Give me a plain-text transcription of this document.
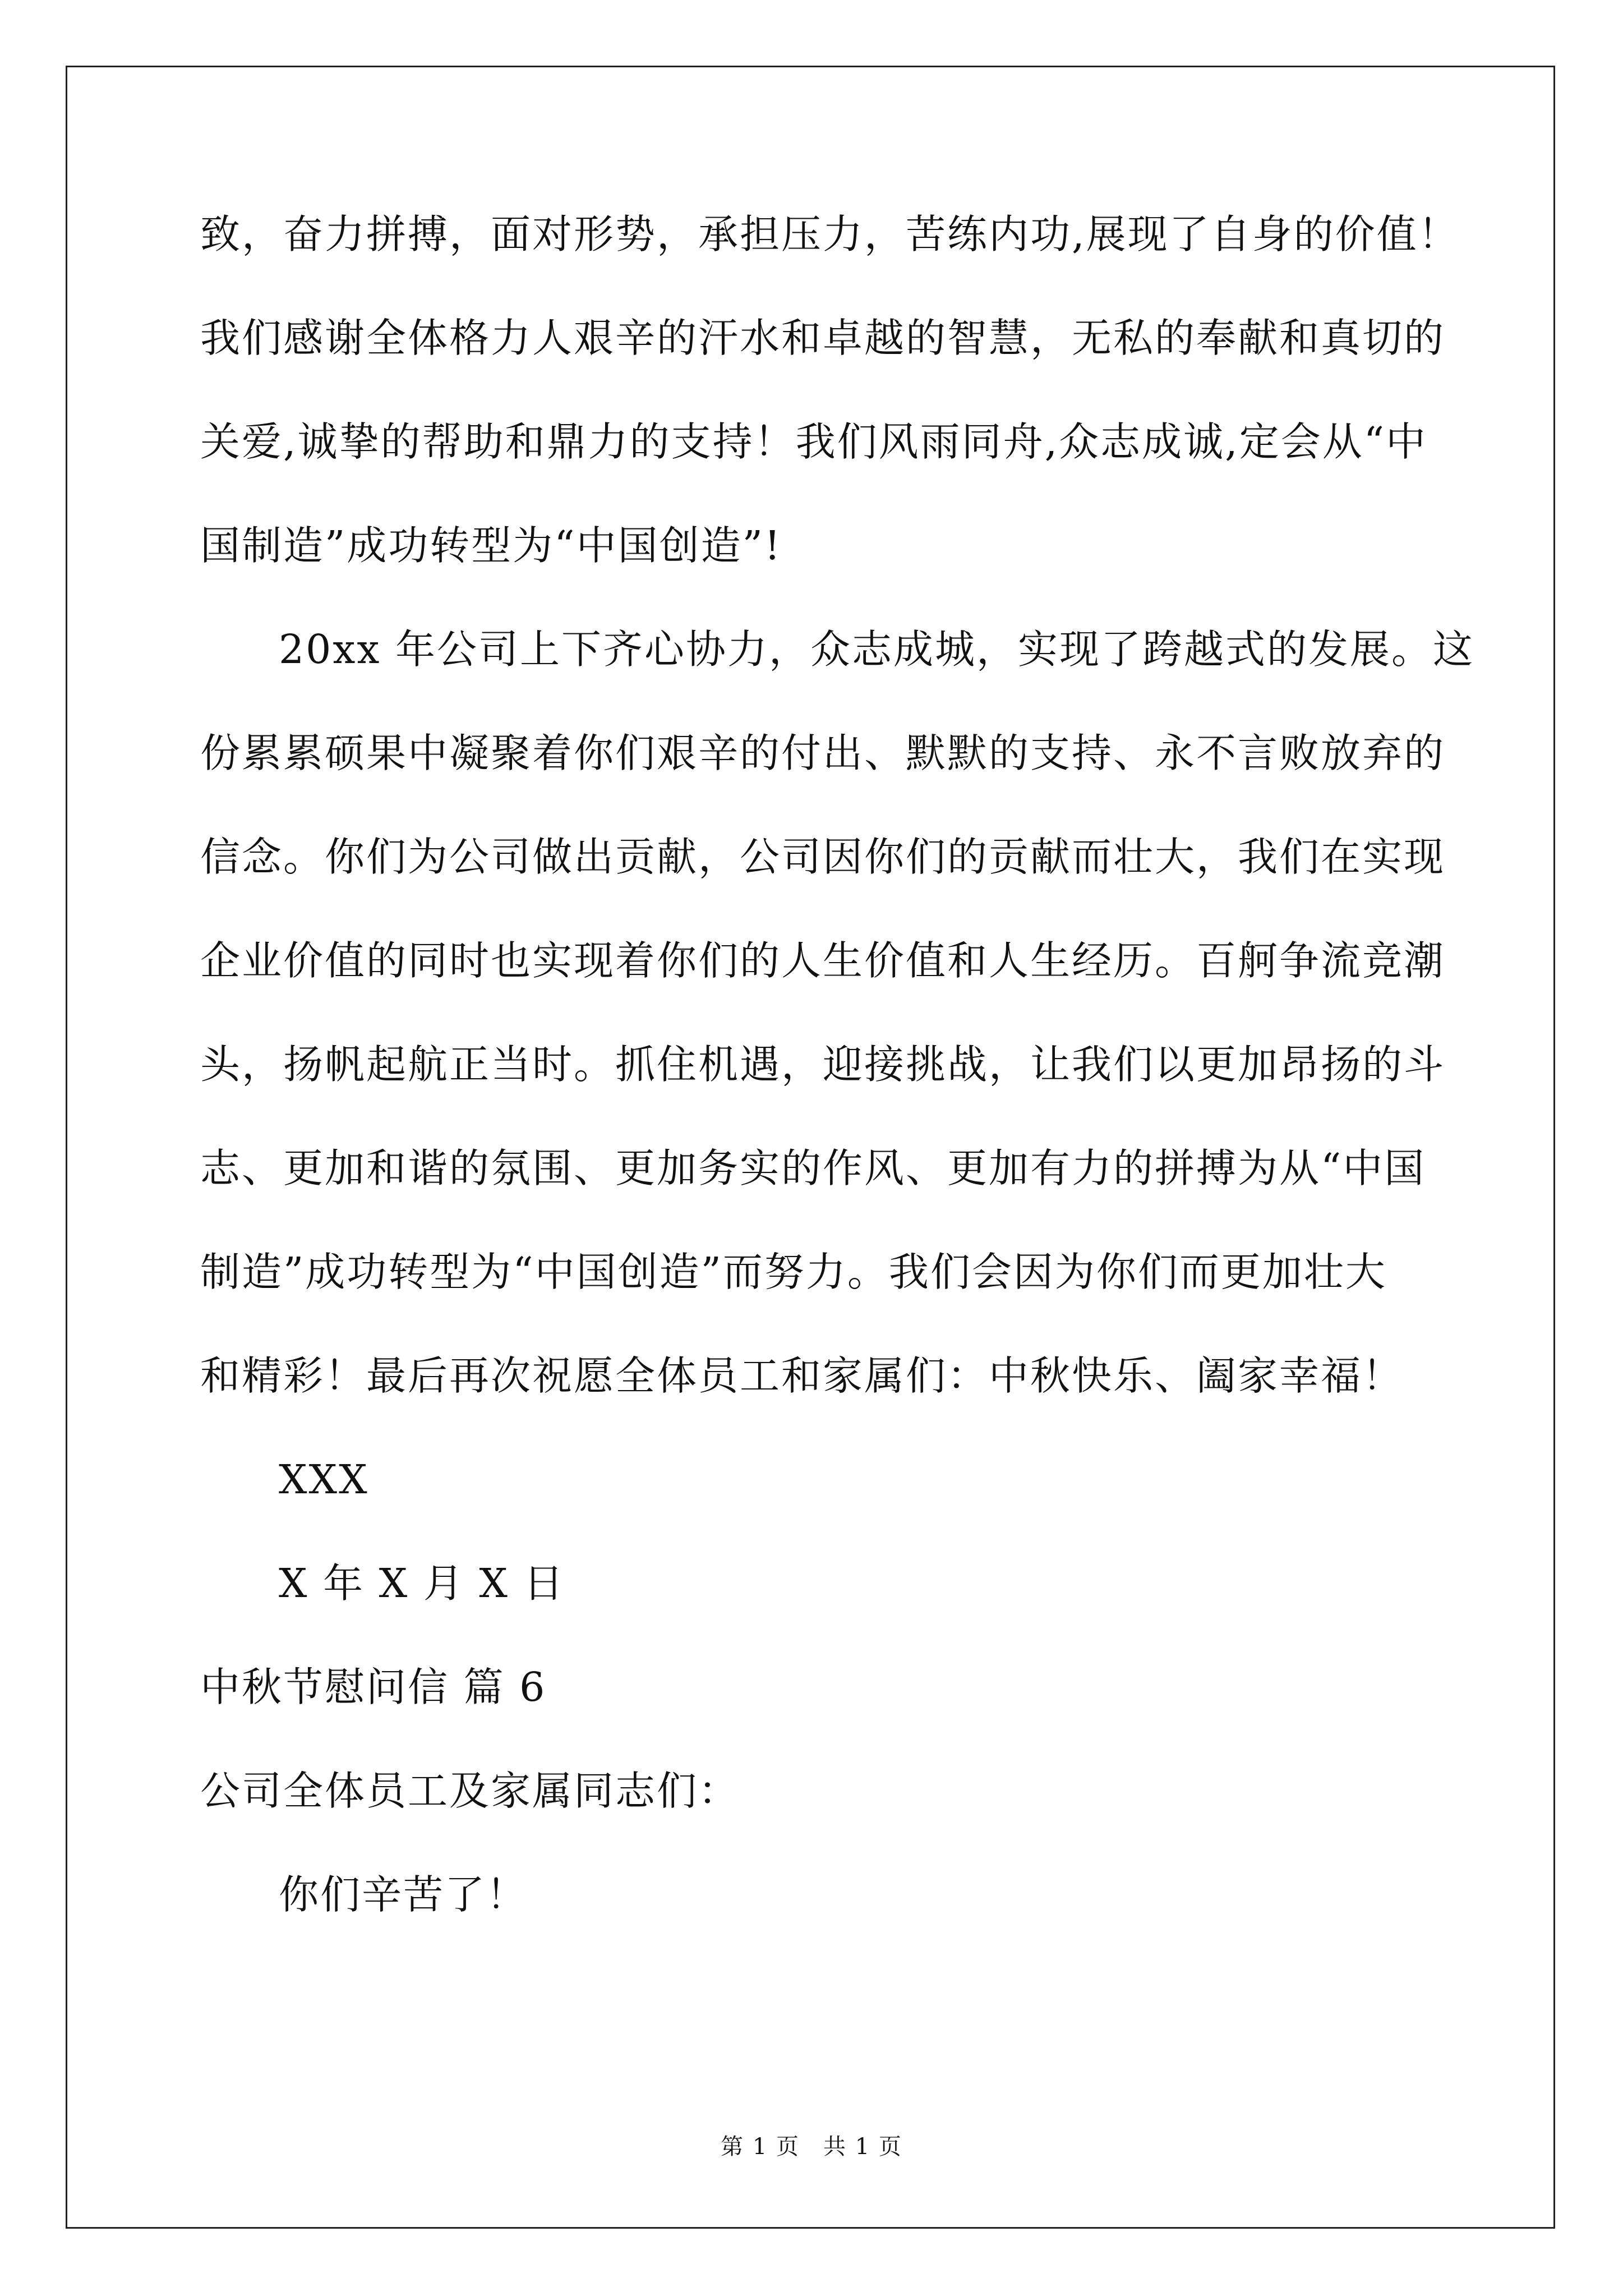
致，奋力拼搏，面对形势，承担压力，苦练内功,展现了自身的价值！
我们感谢全体格力人艰辛的汗水和卓越的智慧，无私的奉献和真切的
关爱,诚挚的帮助和鼎力的支持！我们风雨同舟,众志成诚,定会从“中
国制造”成功转型为“中国创造”!
20xx 年公司上下齐心协力，众志成城，实现了跨越式的发展。这
份累累硕果中凝聚着你们艰辛的付出、默默的支持、永不言败放弃的
信念。你们为公司做出贡献，公司因你们的贡献而壮大，我们在实现
企业价值的同时也实现着你们的人生价值和人生经历。百舸争流竞潮
头，扬帆起航正当时。抓住机遇，迎接挑战，让我们以更加昂扬的斗
志、更加和谐的氛围、更加务实的作风、更加有力的拼搏为从“中国
制造”成功转型为“中国创造”而努力。我们会因为你们而更加壮大
和精彩！最后再次祝愿全体员工和家属们：中秋快乐、阖家幸福！
XXX
X 年 X 月 X 日
中秋节慰问信 篇 6
公司全体员工及家属同志们：
你们辛苦了！
第 1 页　共 1 页
